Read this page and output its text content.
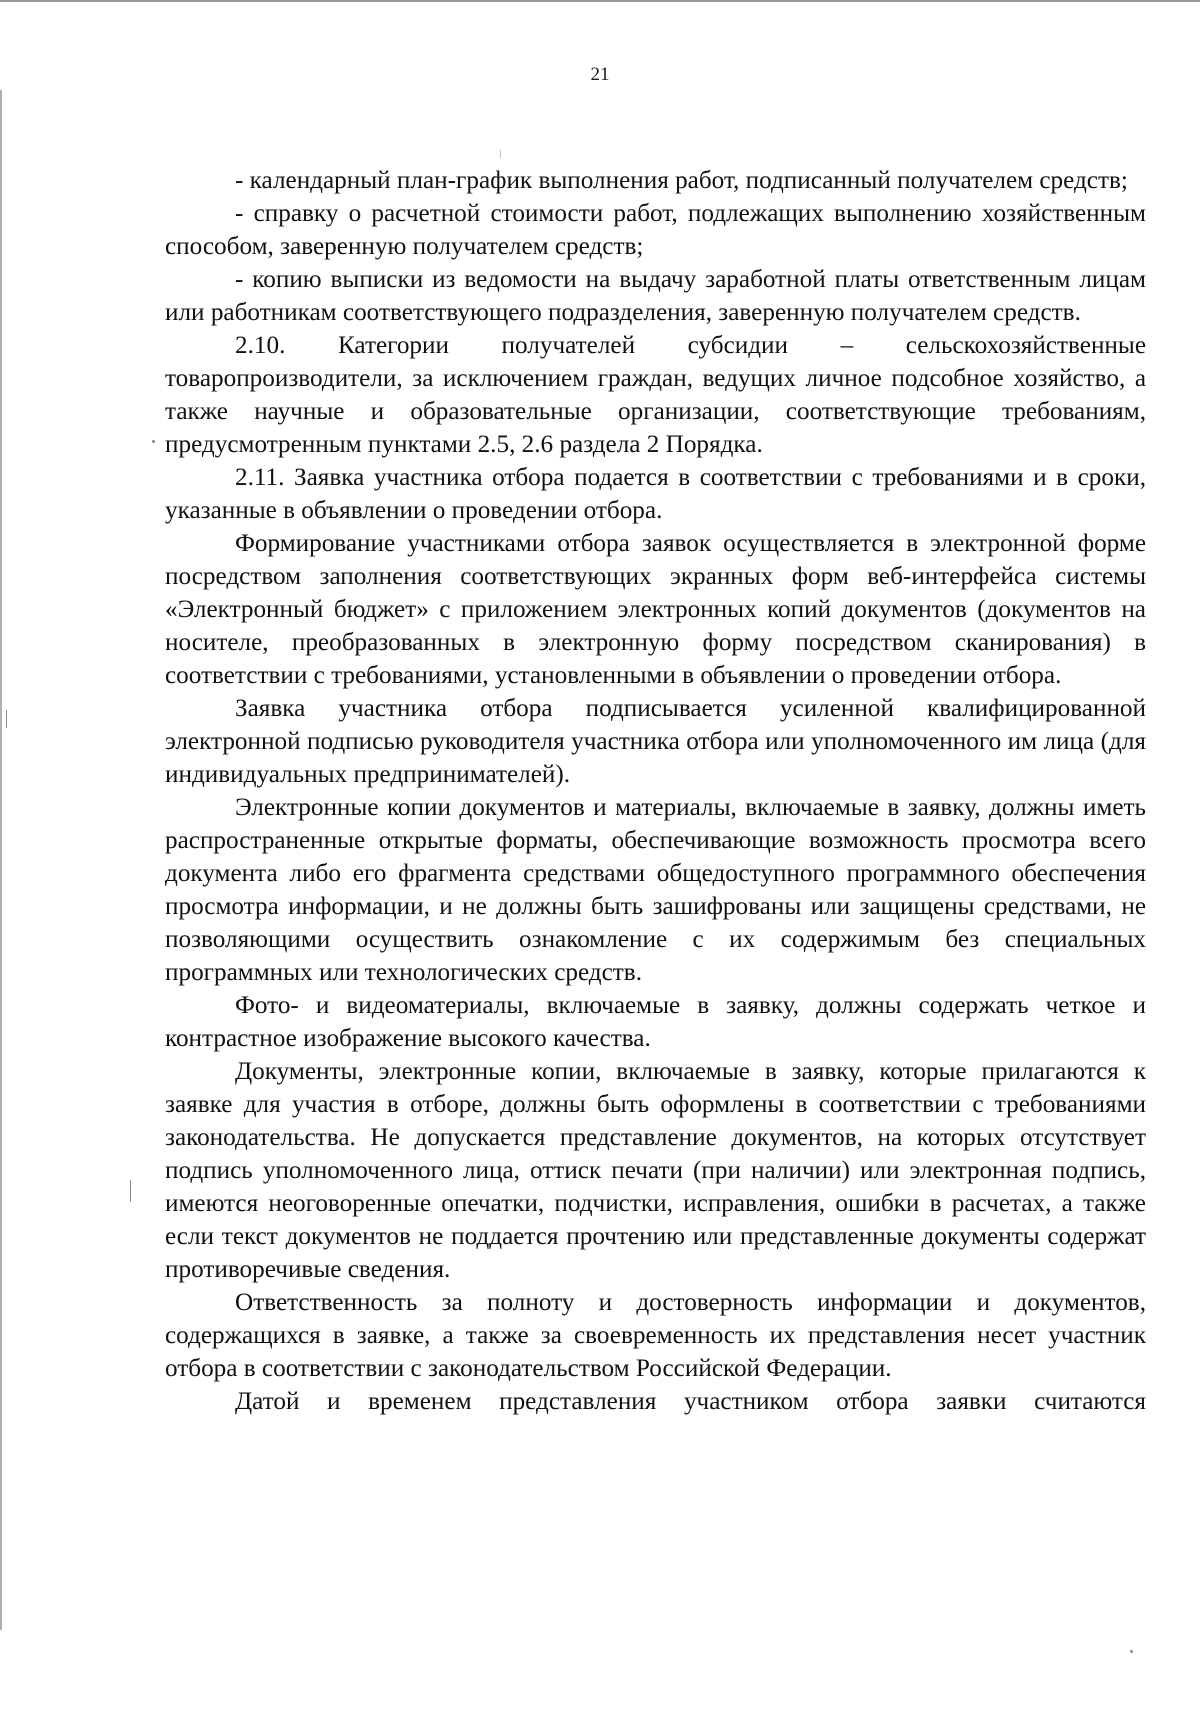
21

- календарный план-график выполнения работ, подписанный получателем средств;

- справку о расчетной стоимости работ, подлежащих выполнению хозяйственным способом, заверенную получателем средств;

- копию выписки из ведомости на выдачу заработной платы ответственным лицам или работникам соответствующего подразделения, заверенную получателем средств.

2.10. Категории получателей субсидии – сельскохозяйственные товаропроизводители, за исключением граждан, ведущих личное подсобное хозяйство, а также научные и образовательные организации, соответствующие требованиям, предусмотренным пунктами 2.5, 2.6 раздела 2 Порядка.

2.11. Заявка участника отбора подается в соответствии с требованиями и в сроки, указанные в объявлении о проведении отбора.

Формирование участниками отбора заявок осуществляется в электронной форме посредством заполнения соответствующих экранных форм веб-интерфейса системы «Электронный бюджет» с приложением электронных копий документов (документов на носителе, преобразованных в электронную форму посредством сканирования) в соответствии с требованиями, установленными в объявлении о проведении отбора.

Заявка участника отбора подписывается усиленной квалифицированной электронной подписью руководителя участника отбора или уполномоченного им лица (для индивидуальных предпринимателей).

Электронные копии документов и материалы, включаемые в заявку, должны иметь распространенные открытые форматы, обеспечивающие возможность просмотра всего документа либо его фрагмента средствами общедоступного программного обеспечения просмотра информации, и не должны быть зашифрованы или защищены средствами, не позволяющими осуществить ознакомление с их содержимым без специальных программных или технологических средств.

Фото- и видеоматериалы, включаемые в заявку, должны содержать четкое и контрастное изображение высокого качества.

Документы, электронные копии, включаемые в заявку, которые прилагаются к заявке для участия в отборе, должны быть оформлены в соответствии с требованиями законодательства. Не допускается представление документов, на которых отсутствует подпись уполномоченного лица, оттиск печати (при наличии) или электронная подпись, имеются неоговоренные опечатки, подчистки, исправления, ошибки в расчетах, а также если текст документов не поддается прочтению или представленные документы содержат противоречивые сведения.

Ответственность за полноту и достоверность информации и документов, содержащихся в заявке, а также за своевременность их представления несет участник отбора в соответствии с законодательством Российской Федерации.

Датой и временем представления участником отбора заявки считаются
